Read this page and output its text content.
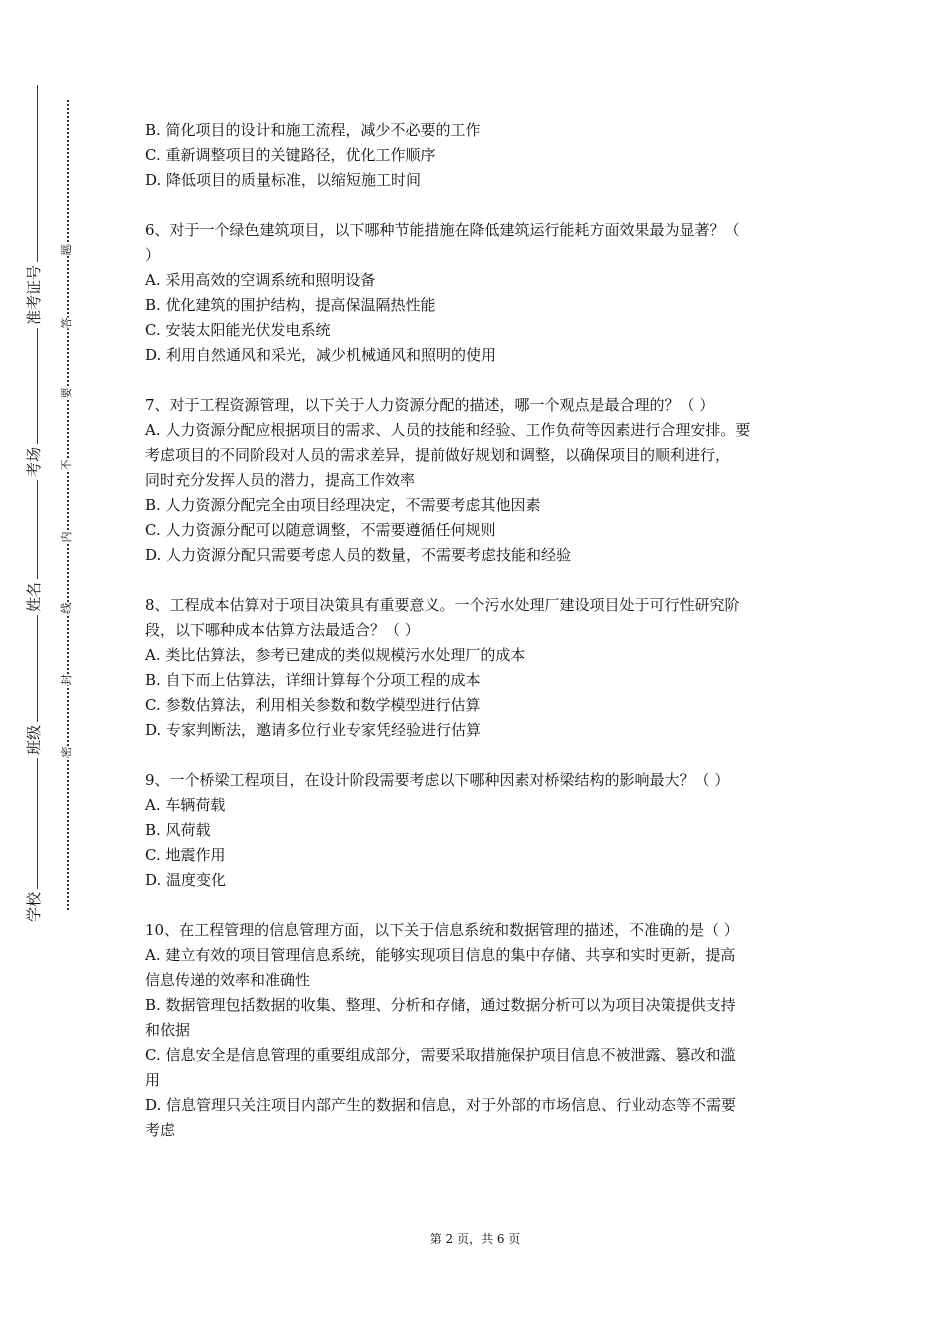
准考证号
考场
姓名
班级
学校
题
答
要
不
内
线
封
密

B. 简化项目的设计和施工流程，减少不必要的工作

C. 重新调整项目的关键路径，优化工作顺序

D. 降低项目的质量标准，以缩短施工时间

6、对于一个绿色建筑项目，以下哪种节能措施在降低建筑运行能耗方面效果最为显著？（

）

A. 采用高效的空调系统和照明设备

B. 优化建筑的围护结构，提高保温隔热性能

C. 安装太阳能光伏发电系统

D. 利用自然通风和采光，减少机械通风和照明的使用

7、对于工程资源管理，以下关于人力资源分配的描述，哪一个观点是最合理的？（ ）

A. 人力资源分配应根据项目的需求、人员的技能和经验、工作负荷等因素进行合理安排。要

考虑项目的不同阶段对人员的需求差异，提前做好规划和调整，以确保项目的顺利进行，

同时充分发挥人员的潜力，提高工作效率

B. 人力资源分配完全由项目经理决定，不需要考虑其他因素

C. 人力资源分配可以随意调整，不需要遵循任何规则

D. 人力资源分配只需要考虑人员的数量，不需要考虑技能和经验

8、工程成本估算对于项目决策具有重要意义。一个污水处理厂建设项目处于可行性研究阶

段，以下哪种成本估算方法最适合？（ ）

A. 类比估算法，参考已建成的类似规模污水处理厂的成本

B. 自下而上估算法，详细计算每个分项工程的成本

C. 参数估算法，利用相关参数和数学模型进行估算

D. 专家判断法，邀请多位行业专家凭经验进行估算

9、一个桥梁工程项目，在设计阶段需要考虑以下哪种因素对桥梁结构的影响最大？（ ）

A. 车辆荷载

B. 风荷载

C. 地震作用

D. 温度变化

10、在工程管理的信息管理方面，以下关于信息系统和数据管理的描述，不准确的是（ ）

A. 建立有效的项目管理信息系统，能够实现项目信息的集中存储、共享和实时更新，提高

信息传递的效率和准确性

B. 数据管理包括数据的收集、整理、分析和存储，通过数据分析可以为项目决策提供支持

和依据

C. 信息安全是信息管理的重要组成部分，需要采取措施保护项目信息不被泄露、篡改和滥

用

D. 信息管理只关注项目内部产生的数据和信息，对于外部的市场信息、行业动态等不需要

考虑

第 2 页，共 6 页
